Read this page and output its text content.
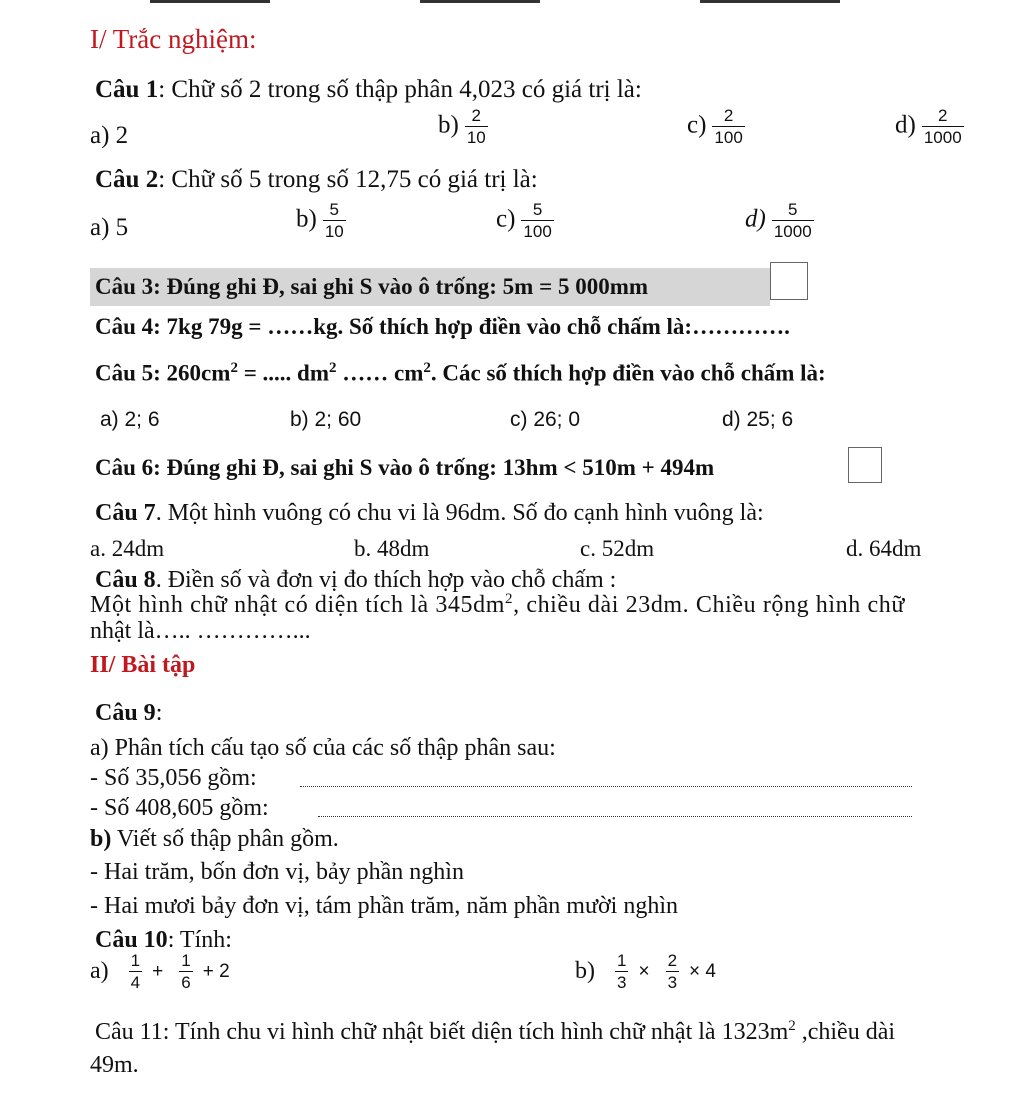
I/ Trắc nghiệm:
Câu 1: Chữ số 2 trong số thập phân 4,023 có giá trị là:
a) 2	$b) \frac{2}{10}$	$c) \frac{2}{100}$	$d) \frac{2}{1000}$
Câu 2: Chữ số 5 trong số 12,75 có giá trị là:
a) 5	$b) \frac{5}{10}$	$c) \frac{5}{100}$	$d) \frac{5}{1000}$
Câu 3: Đúng ghi Đ, sai ghi S vào ô trống: 5m = 5 000mm
Câu 4: 7kg 79g = ……kg. Số thích hợp điền vào chỗ chấm là:………….
Câu 5: $260cm^2$ = ..... $dm^2$ …… $cm^2$. Các số thích hợp điền vào chỗ chấm là:
a) 2; 6	b) 2; 60	c) 26; 0	d) 25; 6
Câu 6: Đúng ghi Đ, sai ghi S vào ô trống: 13hm < 510m + 494m
Câu 7. Một hình vuông có chu vi là 96dm. Số đo cạnh hình vuông là:
a. 24dm	b. 48dm	c. 52dm	d. 64dm
Câu 8. Điền số và đơn vị đo thích hợp vào chỗ chấm :
Một hình chữ nhật có diện tích là $345dm^2$, chiều dài 23dm. Chiều rộng hình chữ
nhật là….. …………...
II/ Bài tập
Câu 9:
a) Phân tích cấu tạo số của các số thập phân sau:
- Số 35,056 gồm:
- Số 408,605 gồm:
b) Viết số thập phân gồm.
- Hai trăm, bốn đơn vị, bảy phần nghìn
- Hai mươi bảy đơn vị, tám phần trăm, năm phần mười nghìn
Câu 10: Tính:
$a) \frac{1}{4} + \frac{1}{6} + 2$	$b) \frac{1}{3} \times \frac{2}{3} \times 4$
Câu 11: Tính chu vi hình chữ nhật biết diện tích hình chữ nhật là $1323m^2$ ,chiều dài
49m.
